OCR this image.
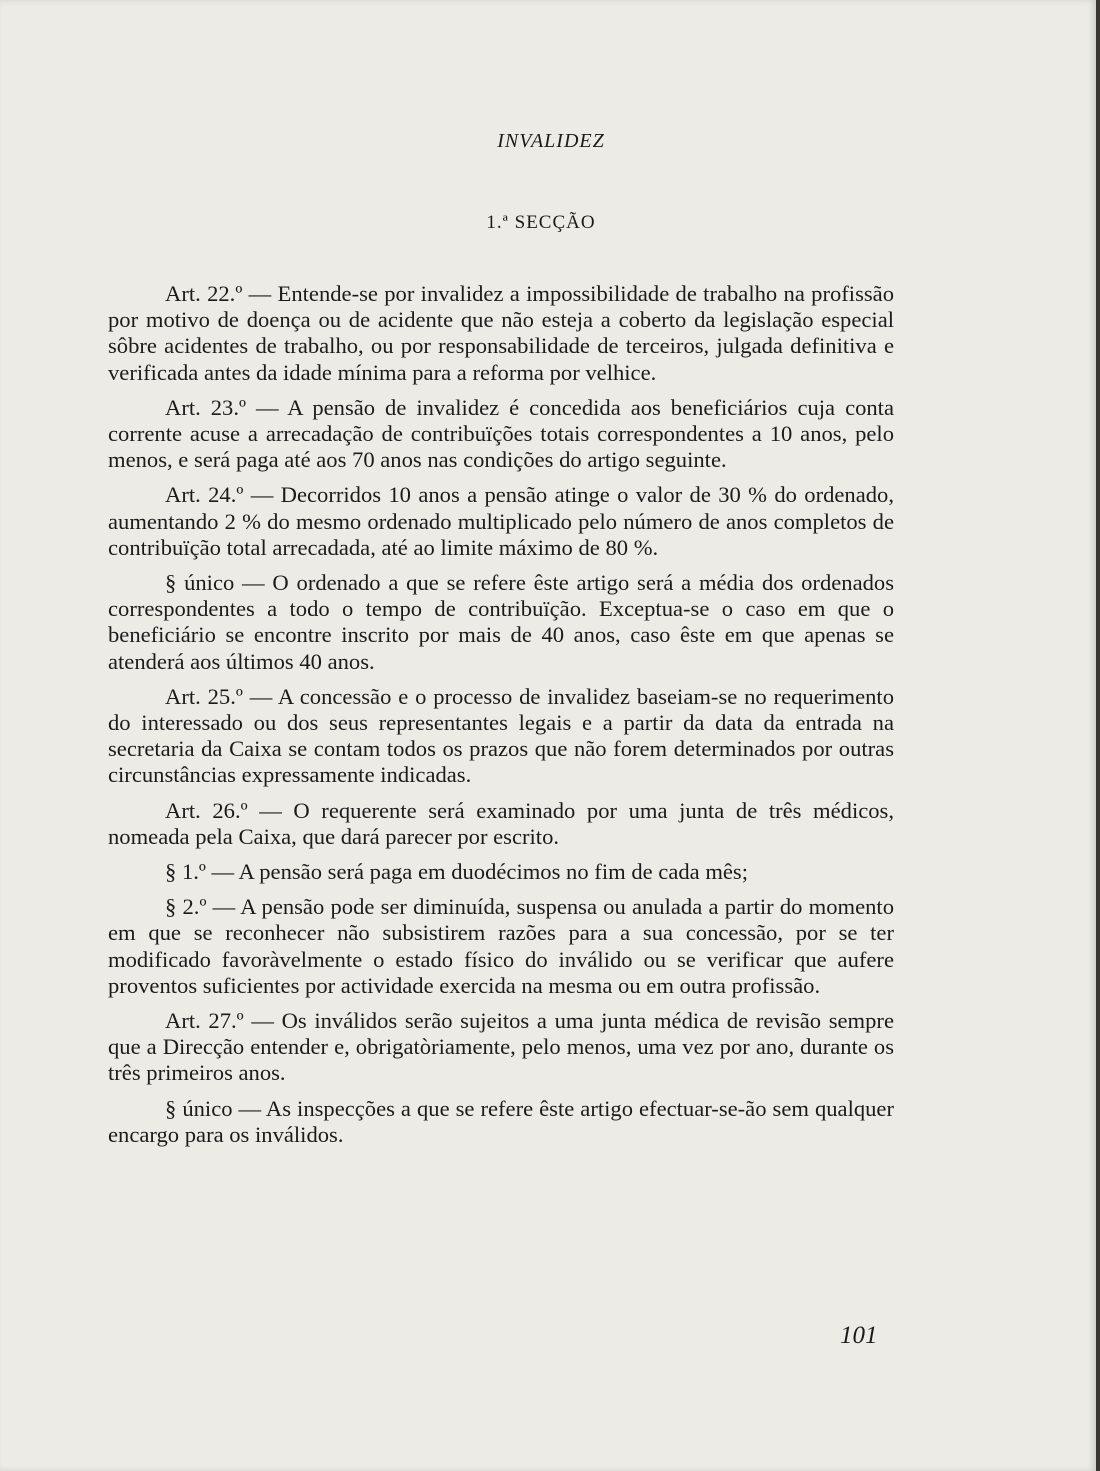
INVALIDEZ
1.ª SECÇÃO

Art. 22.º — Entende-se por invalidez a impossibilidade de trabalho na profissão por motivo de doença ou de acidente que não esteja a coberto da legislação especial sôbre acidentes de trabalho, ou por responsabilidade de terceiros, julgada definitiva e verificada antes da idade mínima para a reforma por velhice.

Art. 23.º — A pensão de invalidez é concedida aos beneficiários cuja conta corrente acuse a arrecadação de contribuïções totais correspondentes a 10 anos, pelo menos, e será paga até aos 70 anos nas condições do artigo seguinte.

Art. 24.º — Decorridos 10 anos a pensão atinge o valor de 30 % do ordenado, aumentando 2 % do mesmo ordenado multiplicado pelo número de anos completos de contribuïção total arrecadada, até ao limite máximo de 80 %.

§ único — O ordenado a que se refere êste artigo será a média dos ordenados correspondentes a todo o tempo de contribuïção. Exceptua-se o caso em que o beneficiário se encontre inscrito por mais de 40 anos, caso êste em que apenas se atenderá aos últimos 40 anos.

Art. 25.º — A concessão e o processo de invalidez baseiam-se no requerimento do interessado ou dos seus representantes legais e a partir da data da entrada na secretaria da Caixa se contam todos os prazos que não forem determinados por outras circunstâncias expressamente indicadas.

Art. 26.º — O requerente será examinado por uma junta de três médicos, nomeada pela Caixa, que dará parecer por escrito.

§ 1.º — A pensão será paga em duodécimos no fim de cada mês;

§ 2.º — A pensão pode ser diminuída, suspensa ou anulada a partir do momento em que se reconhecer não subsistirem razões para a sua concessão, por se ter modificado favoràvelmente o estado físico do inválido ou se verificar que aufere proventos suficientes por actividade exercida na mesma ou em outra profissão.

Art. 27.º — Os inválidos serão sujeitos a uma junta médica de revisão sempre que a Direcção entender e, obrigatòriamente, pelo menos, uma vez por ano, durante os três primeiros anos.

§ único — As inspecções a que se refere êste artigo efectuar-se-ão sem qualquer encargo para os inválidos.

101
